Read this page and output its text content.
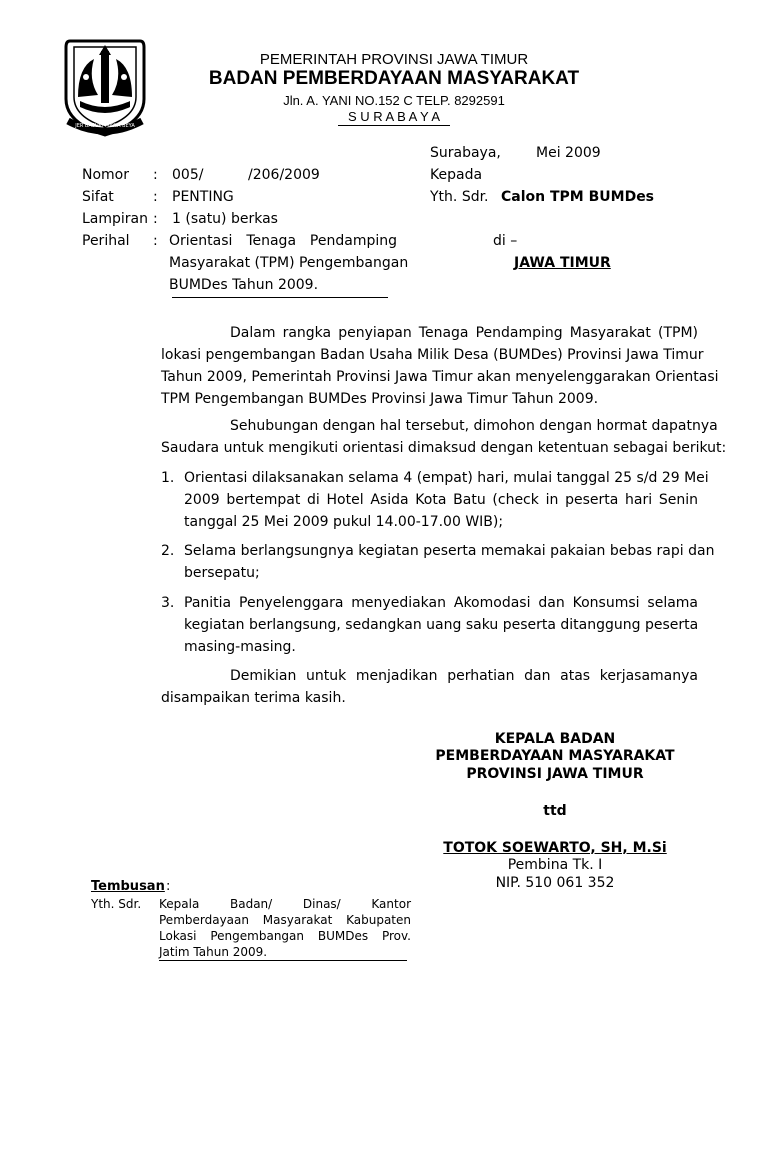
JER BASUKI MAWA BEYA
PEMERINTAH PROVINSI JAWA TIMUR
BADAN PEMBERDAYAAN MASYARAKAT
Jln. A. YANI NO.152 C TELP. 8292591
S U R A B A Y A
Surabaya,	Mei 2009
Nomor : 005/	/206/2009
Sifat	: PENTING
Lampiran : 1 (satu) berkas
Perihal : Orientasi Tenaga Pendamping
Masyarakat (TPM) Pengembangan
BUMDes Tahun 2009.
Kepada
Yth. Sdr. Calon TPM BUMDes
di –
JAWA TIMUR
Dalam rangka penyiapan Tenaga Pendamping Masyarakat (TPM)
lokasi pengembangan Badan Usaha Milik Desa (BUMDes) Provinsi Jawa Timur
Tahun 2009, Pemerintah Provinsi Jawa Timur akan menyelenggarakan Orientasi
TPM Pengembangan BUMDes Provinsi Jawa Timur Tahun 2009.
Sehubungan dengan hal tersebut, dimohon dengan hormat dapatnya
Saudara untuk mengikuti orientasi dimaksud dengan ketentuan sebagai berikut:
1. Orientasi dilaksanakan selama 4 (empat) hari, mulai tanggal 25 s/d 29 Mei
2009 bertempat di Hotel Asida Kota Batu (check in peserta hari Senin
tanggal 25 Mei 2009 pukul 14.00-17.00 WIB);
2. Selama berlangsungnya kegiatan peserta memakai pakaian bebas rapi dan
bersepatu;
3. Panitia Penyelenggara menyediakan Akomodasi dan Konsumsi selama
kegiatan berlangsung, sedangkan uang saku peserta ditanggung peserta
masing-masing.
Demikian untuk menjadikan perhatian dan atas kerjasamanya
disampaikan terima kasih.
KEPALA BADAN
PEMBERDAYAAN MASYARAKAT
PROVINSI JAWA TIMUR
ttd
TOTOK SOEWARTO, SH, M.Si
Pembina Tk. I
NIP. 510 061 352
Tembusan :
Yth. Sdr. Kepala Badan/ Dinas/ Kantor
Pemberdayaan Masyarakat Kabupaten
Lokasi Pengembangan BUMDes Prov.
Jatim Tahun 2009.
